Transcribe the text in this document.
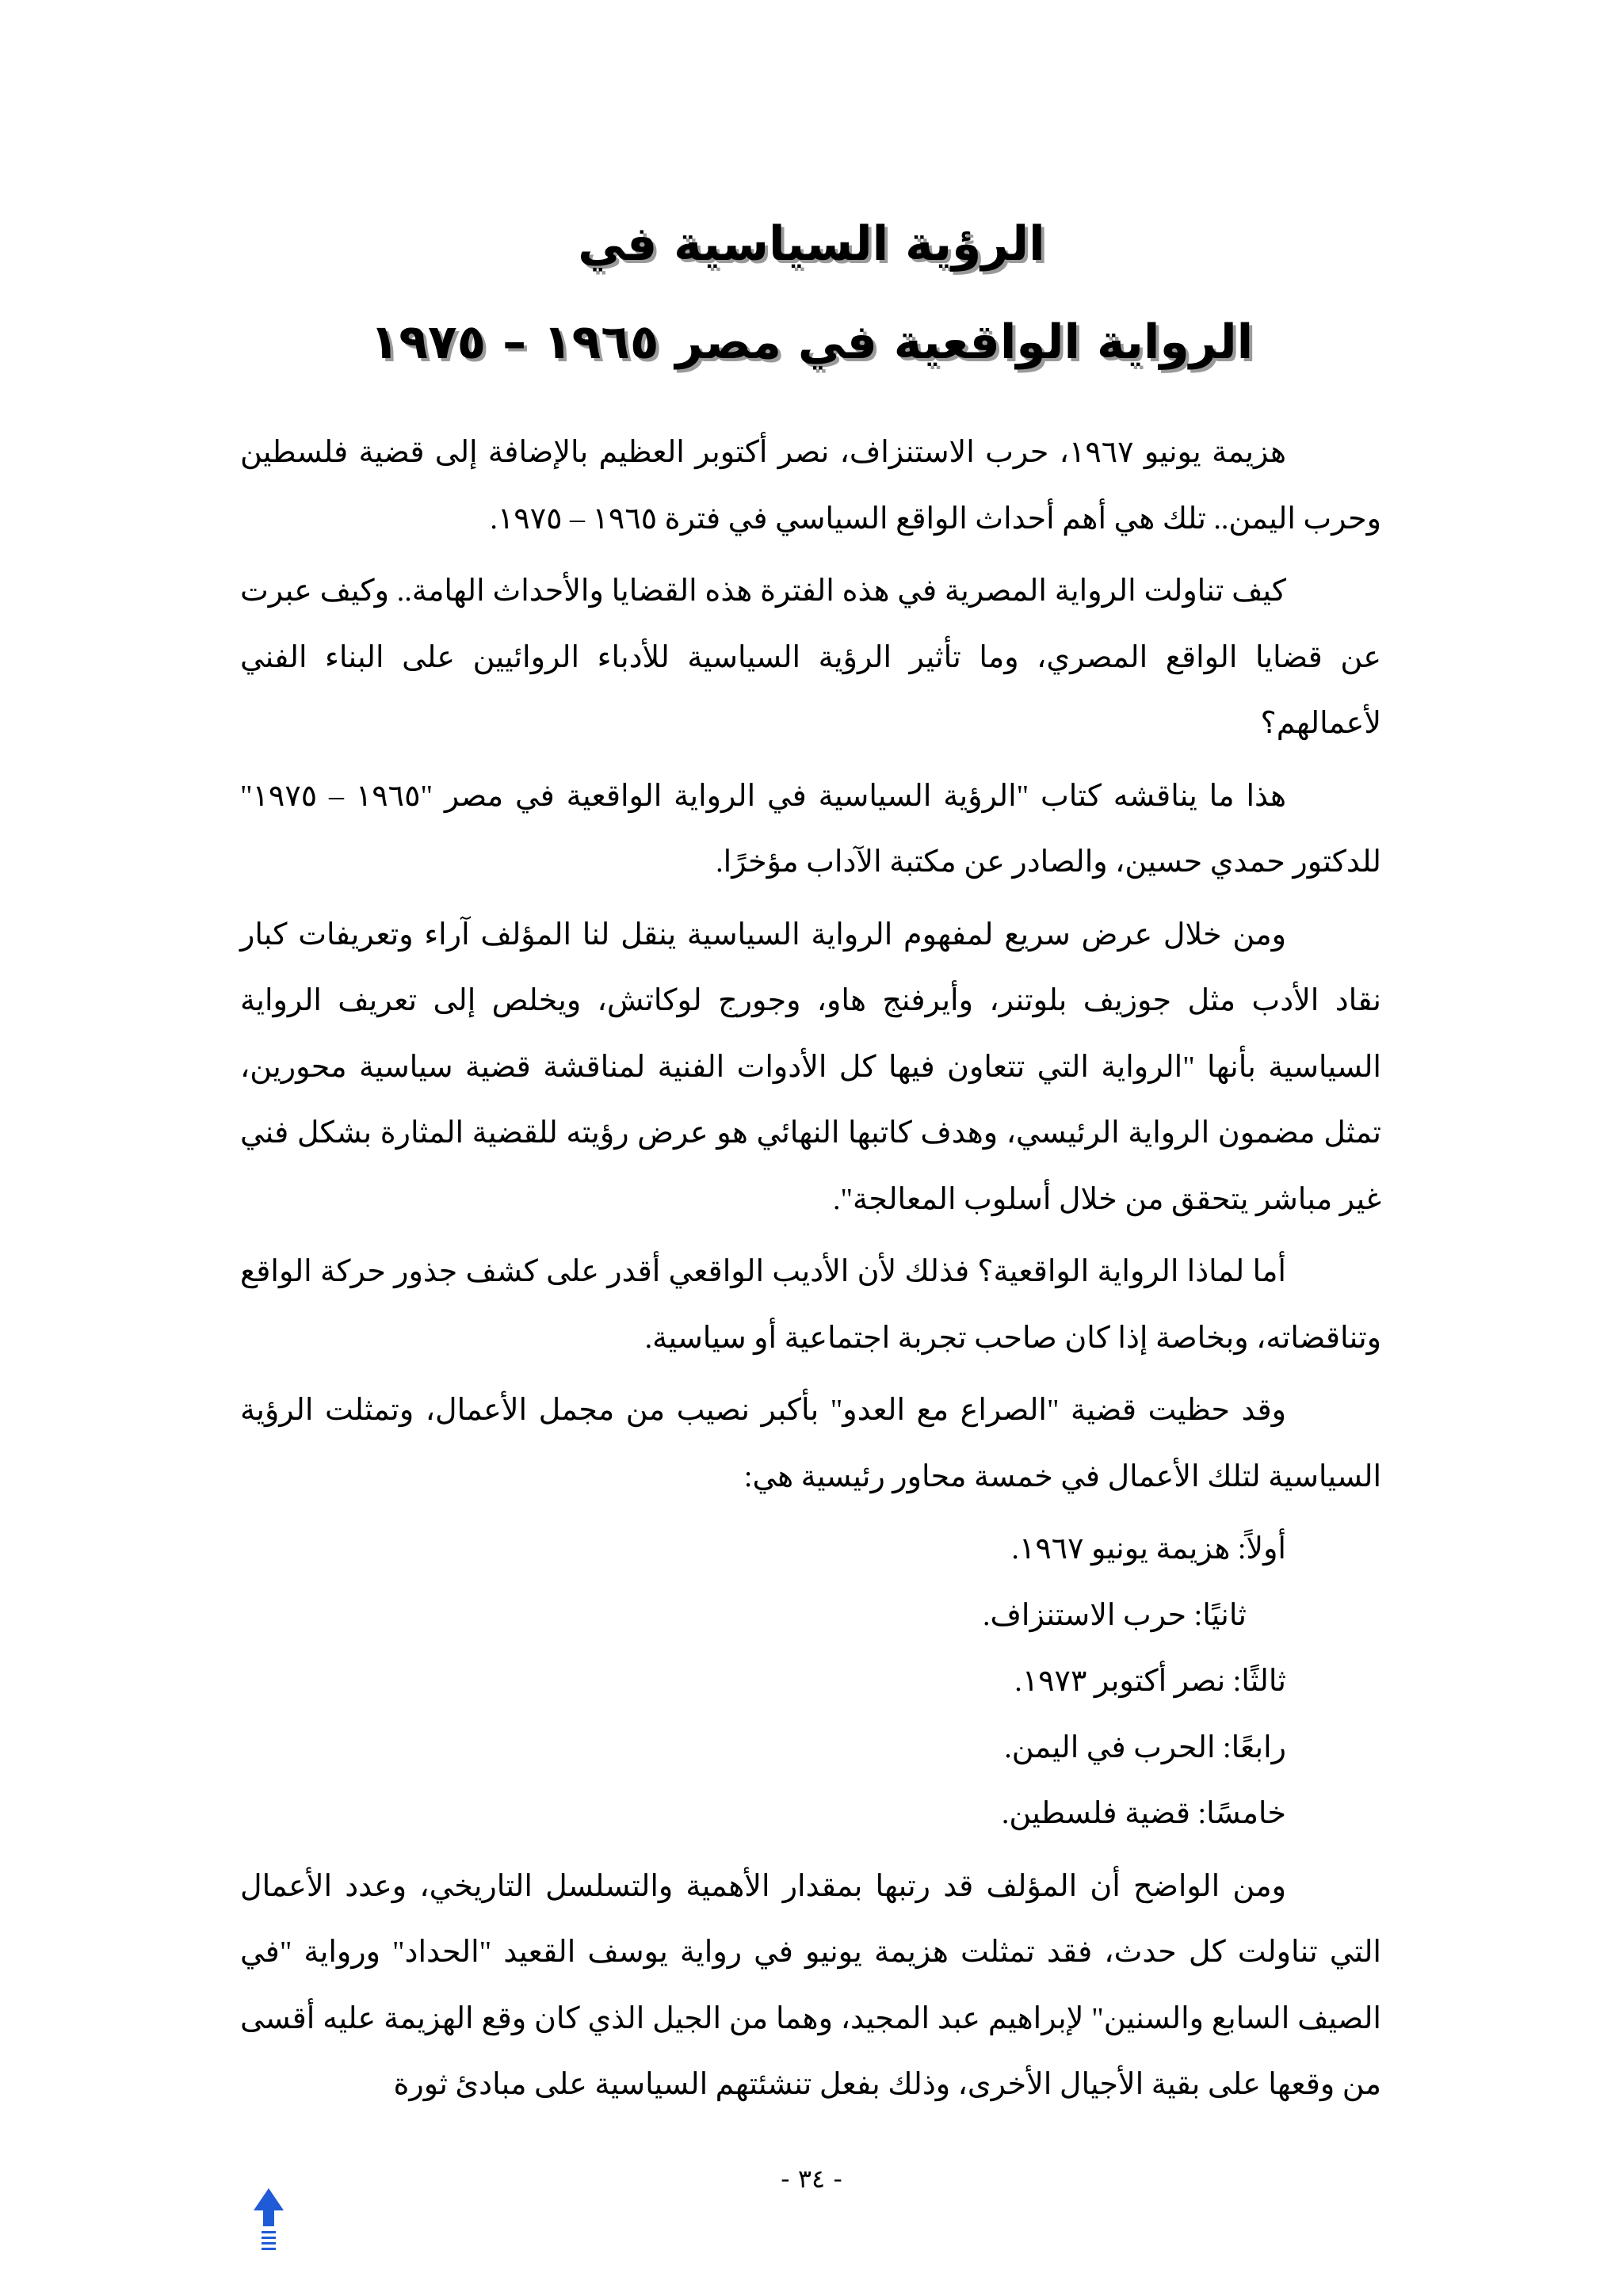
الرؤية السياسية في
الرواية الواقعية في مصر ١٩٦٥ – ١٩٧٥

هزيمة يونيو ١٩٦٧، حرب الاستنزاف، نصر أكتوبر العظيم بالإضافة إلى قضية فلسطين وحرب اليمن.. تلك هي أهم أحداث الواقع السياسي في فترة ١٩٦٥ – ١٩٧٥.

كيف تناولت الرواية المصرية في هذه الفترة هذه القضايا والأحداث الهامة.. وكيف عبرت عن قضايا الواقع المصري، وما تأثير الرؤية السياسية للأدباء الروائيين على البناء الفني لأعمالهم؟

هذا ما يناقشه كتاب "الرؤية السياسية في الرواية الواقعية في مصر "١٩٦٥ – ١٩٧٥" للدكتور حمدي حسين، والصادر عن مكتبة الآداب مؤخرًا.

ومن خلال عرض سريع لمفهوم الرواية السياسية ينقل لنا المؤلف آراء وتعريفات كبار نقاد الأدب مثل جوزيف بلوتنر، وأيرفنج هاو، وجورج لوكاتش، ويخلص إلى تعريف الرواية السياسية بأنها "الرواية التي تتعاون فيها كل الأدوات الفنية لمناقشة قضية سياسية محورين، تمثل مضمون الرواية الرئيسي، وهدف كاتبها النهائي هو عرض رؤيته للقضية المثارة بشكل فني غير مباشر يتحقق من خلال أسلوب المعالجة".

أما لماذا الرواية الواقعية؟ فذلك لأن الأديب الواقعي أقدر على كشف جذور حركة الواقع وتناقضاته، وبخاصة إذا كان صاحب تجربة اجتماعية أو سياسية.

وقد حظيت قضية "الصراع مع العدو" بأكبر نصيب من مجمل الأعمال، وتمثلت الرؤية السياسية لتلك الأعمال في خمسة محاور رئيسية هي:

أولاً: هزيمة يونيو ١٩٦٧.
ثانيًا: حرب الاستنزاف.
ثالثًا: نصر أكتوبر ١٩٧٣.
رابعًا: الحرب في اليمن.
خامسًا: قضية فلسطين.

ومن الواضح أن المؤلف قد رتبها بمقدار الأهمية والتسلسل التاريخي، وعدد الأعمال التي تناولت كل حدث، فقد تمثلت هزيمة يونيو في رواية يوسف القعيد "الحداد" ورواية "في الصيف السابع والسنين" لإبراهيم عبد المجيد، وهما من الجيل الذي كان وقع الهزيمة عليه أقسى من وقعها على بقية الأجيال الأخرى، وذلك بفعل تنشئتهم السياسية على مبادئ ثورة

- ٣٤ -
